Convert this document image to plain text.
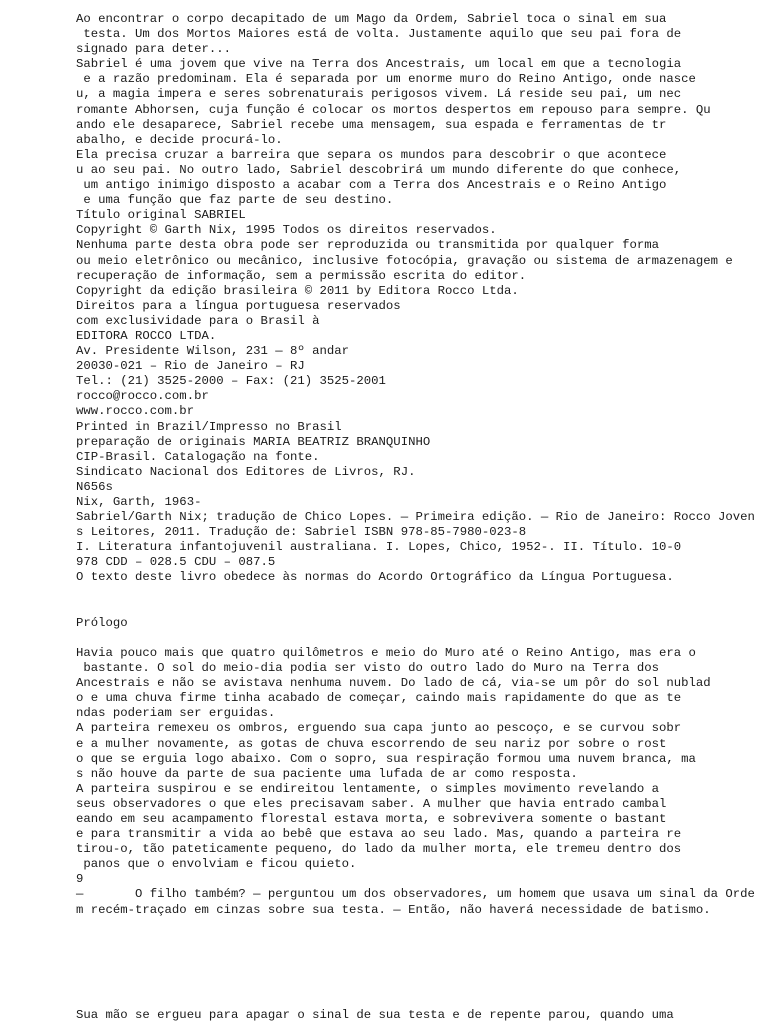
Ao encontrar o corpo decapitado de um Mago da Ordem, Sabriel toca o sinal em sua
testa. Um dos Mortos Maiores está de volta. Justamente aquilo que seu pai fora de
signado para deter...
Sabriel é uma jovem que vive na Terra dos Ancestrais, um local em que a tecnologia
e a razão predominam. Ela é separada por um enorme muro do Reino Antigo, onde nasce
u, a magia impera e seres sobrenaturais perigosos vivem. Lá reside seu pai, um nec
romante Abhorsen, cuja função é colocar os mortos despertos em repouso para sempre. Qu
ando ele desaparece, Sabriel recebe uma mensagem, sua espada e ferramentas de tr
abalho, e decide procurá-lo.
Ela precisa cruzar a barreira que separa os mundos para descobrir o que acontece
u ao seu pai. No outro lado, Sabriel descobrirá um mundo diferente do que conhece,
um antigo inimigo disposto a acabar com a Terra dos Ancestrais e o Reino Antigo
e uma função que faz parte de seu destino.
Título original SABRIEL
Copyright © Garth Nix, 1995 Todos os direitos reservados.
Nenhuma parte desta obra pode ser reproduzida ou transmitida por qualquer forma
ou meio eletrônico ou mecânico, inclusive fotocópia, gravação ou sistema de armazenagem e
recuperação de informação, sem a permissão escrita do editor.
Copyright da edição brasileira © 2011 by Editora Rocco Ltda.
Direitos para a língua portuguesa reservados
com exclusividade para o Brasil à
EDITORA ROCCO LTDA.
Av. Presidente Wilson, 231 — 8º andar
20030-021 – Rio de Janeiro – RJ
Tel.: (21) 3525-2000 – Fax: (21) 3525-2001
rocco@rocco.com.br
www.rocco.com.br
Printed in Brazil/Impresso no Brasil
preparação de originais MARIA BEATRIZ BRANQUINHO
CIP-Brasil. Catalogação na fonte.
Sindicato Nacional dos Editores de Livros, RJ.
N656s
Nix, Garth, 1963-
Sabriel/Garth Nix; tradução de Chico Lopes. — Primeira edição. — Rio de Janeiro: Rocco Joven
s Leitores, 2011. Tradução de: Sabriel ISBN 978-85-7980-023-8
I. Literatura infantojuvenil australiana. I. Lopes, Chico, 1952-. II. Título. 10-0
978 CDD – 028.5 CDU – 087.5
O texto deste livro obedece às normas do Acordo Ortográfico da Língua Portuguesa.
Prólogo
Havia pouco mais que quatro quilômetros e meio do Muro até o Reino Antigo, mas era o
bastante. O sol do meio-dia podia ser visto do outro lado do Muro na Terra dos
Ancestrais e não se avistava nenhuma nuvem. Do lado de cá, via-se um pôr do sol nublad
o e uma chuva firme tinha acabado de começar, caindo mais rapidamente do que as te
ndas poderiam ser erguidas.
A parteira remexeu os ombros, erguendo sua capa junto ao pescoço, e se curvou sobr
e a mulher novamente, as gotas de chuva escorrendo de seu nariz por sobre o rost
o que se erguia logo abaixo. Com o sopro, sua respiração formou uma nuvem branca, ma
s não houve da parte de sua paciente uma lufada de ar como resposta.
A parteira suspirou e se endireitou lentamente, o simples movimento revelando a
seus observadores o que eles precisavam saber. A mulher que havia entrado cambal
eando em seu acampamento florestal estava morta, e sobrevivera somente o bastant
e para transmitir a vida ao bebê que estava ao seu lado. Mas, quando a parteira re
tirou-o, tão pateticamente pequeno, do lado da mulher morta, ele tremeu dentro dos
panos que o envolviam e ficou quieto.
9
—       O filho também? — perguntou um dos observadores, um homem que usava um sinal da Orde
m recém-traçado em cinzas sobre sua testa. — Então, não haverá necessidade de batismo.
Sua mão se ergueu para apagar o sinal de sua testa e de repente parou, quando uma
